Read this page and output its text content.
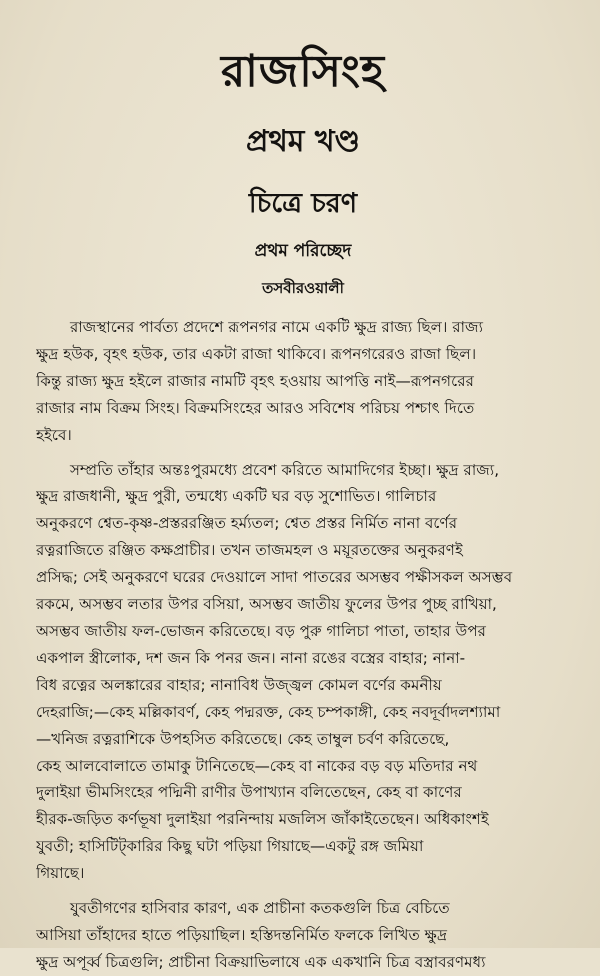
রাজসিংহ
প্রথম খণ্ড
চিত্রে চরণ
প্রথম পরিচ্ছেদ
তসবীরওয়ালী

রাজস্থানের পার্বত্য প্রদেশে রূপনগর নামে একটি ক্ষুদ্র রাজ্য ছিল। রাজ্য
ক্ষুদ্র হউক, বৃহৎ হউক, তার একটা রাজা থাকিবে। রূপনগরেরও রাজা ছিল।
কিন্তু রাজ্য ক্ষুদ্র হইলে রাজার নামটি বৃহৎ হওয়ায় আপত্তি নাই—রূপনগরের
রাজার নাম বিক্রম সিংহ। বিক্রমসিংহের আরও সবিশেষ পরিচয় পশ্চাৎ দিতে
হইবে।

সম্প্রতি তাঁহার অন্তঃপুরমধ্যে প্রবেশ করিতে আমাদিগের ইচ্ছা। ক্ষুদ্র রাজ্য,
ক্ষুদ্র রাজধানী, ক্ষুদ্র পুরী, তন্মধ্যে একটি ঘর বড় সুশোভিত। গালিচার
অনুকরণে শ্বেত-কৃষ্ণ-প্রস্তররঞ্জিত হর্ম্যতল; শ্বেত প্রস্তর নির্মিত নানা বর্ণের
রত্নরাজিতে রঞ্জিত কক্ষপ্রাচীর। তখন তাজমহল ও ময়ূরতক্তের অনুকরণই
প্রসিদ্ধ; সেই অনুকরণে ঘরের দেওয়ালে সাদা পাতরের অসম্ভব পক্ষীসকল অসম্ভব
রকমে, অসম্ভব লতার উপর বসিয়া, অসম্ভব জাতীয় ফুলের উপর পুচ্ছ রাখিয়া,
অসম্ভব জাতীয় ফল-ভোজন করিতেছে। বড় পুরু গালিচা পাতা, তাহার উপর
একপাল স্ত্রীলোক, দশ জন কি পনর জন। নানা রঙের বস্ত্রের বাহার; নানা-
বিধ রত্নের অলঙ্কারের বাহার; নানাবিধ উজ্জ্বল কোমল বর্ণের কমনীয়
দেহরাজি;—কেহ মল্লিকাবর্ণ, কেহ পদ্মরক্ত, কেহ চম্পকাঙ্গী, কেহ নবদূর্বাদলশ্যামা
—খনিজ রত্নরাশিকে উপহসিত করিতেছে। কেহ তাম্বুল চর্বণ করিতেছে,
কেহ আলবোলাতে তামাকু টানিতেছে—কেহ বা নাকের বড় বড় মতিদার নথ
দুলাইয়া ভীমসিংহের পদ্মিনী রাণীর উপাখ্যান বলিতেছেন, কেহ বা কাণের
হীরক-জড়িত কর্ণভূষা দুলাইয়া পরনিন্দায় মজলিস জাঁকাইতেছেন। অধিকাংশই
যুবতী; হাসিটিট্‌কারির কিছু ঘটা পড়িয়া গিয়াছে—একটু রঙ্গ জমিয়া
গিয়াছে।

যুবতীগণের হাসিবার কারণ, এক প্রাচীনা কতকগুলি চিত্র বেচিতে
আসিয়া তাঁহাদের হাতে পড়িয়াছিল। হস্তিদন্তনির্মিত ফলকে লিখিত ক্ষুদ্র
ক্ষুদ্র অপূর্ব্ব চিত্রগুলি; প্রাচীনা বিক্রয়াভিলাষে এক একখানি চিত্র বস্ত্রাবরণমধ্য
